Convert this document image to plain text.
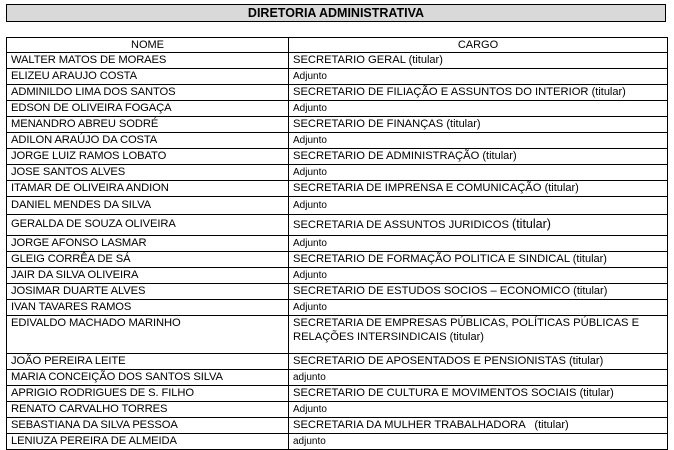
DIRETORIA ADMINISTRATIVA
NOME	CARGO
WALTER MATOS DE MORAES	SECRETARIO GERAL (titular)
ELIZEU ARAUJO COSTA	Adjunto
ADMINILDO LIMA DOS SANTOS	SECRETARIO DE FILIAÇÃO E ASSUNTOS DO INTERIOR (titular)
EDSON DE OLIVEIRA FOGAÇA	Adjunto
MENANDRO ABREU SODRÉ	SECRETARIO DE FINANÇAS (titular)
ADILON ARAÚJO DA COSTA	Adjunto
JORGE LUIZ RAMOS LOBATO	SECRETARIO DE ADMINISTRAÇÃO (titular)
JOSE SANTOS ALVES	Adjunto
ITAMAR DE OLIVEIRA ANDION	SECRETARIA DE IMPRENSA E COMUNICAÇÃO (titular)
DANIEL MENDES DA SILVA	Adjunto
GERALDA DE SOUZA OLIVEIRA	SECRETARIA DE ASSUNTOS JURIDICOS (titular)
JORGE AFONSO LASMAR	Adjunto
GLEIG CORRÊA DE SÁ	SECRETARIO DE FORMAÇÃO POLITICA E SINDICAL (titular)
JAIR DA SILVA OLIVEIRA	Adjunto
JOSIMAR DUARTE ALVES	SECRETARIO DE ESTUDOS SOCIOS – ECONOMICO (titular)
IVAN TAVARES RAMOS	Adjunto
EDIVALDO MACHADO MARINHO	SECRETARIA DE EMPRESAS PÚBLICAS, POLÍTICAS PÚBLICAS E RELAÇÕES INTERSINDICAIS (titular)
JOÃO PEREIRA LEITE	SECRETARIO DE APOSENTADOS E PENSIONISTAS (titular)
MARIA CONCEIÇÃO DOS SANTOS SILVA	adjunto
APRIGIO RODRIGUES DE S. FILHO	SECRETARIO DE CULTURA E MOVIMENTOS SOCIAIS (titular)
RENATO CARVALHO TORRES	Adjunto
SEBASTIANA DA SILVA PESSOA	SECRETARIA DA MULHER TRABALHADORA (titular)
LENIUZA PEREIRA DE ALMEIDA	adjunto
